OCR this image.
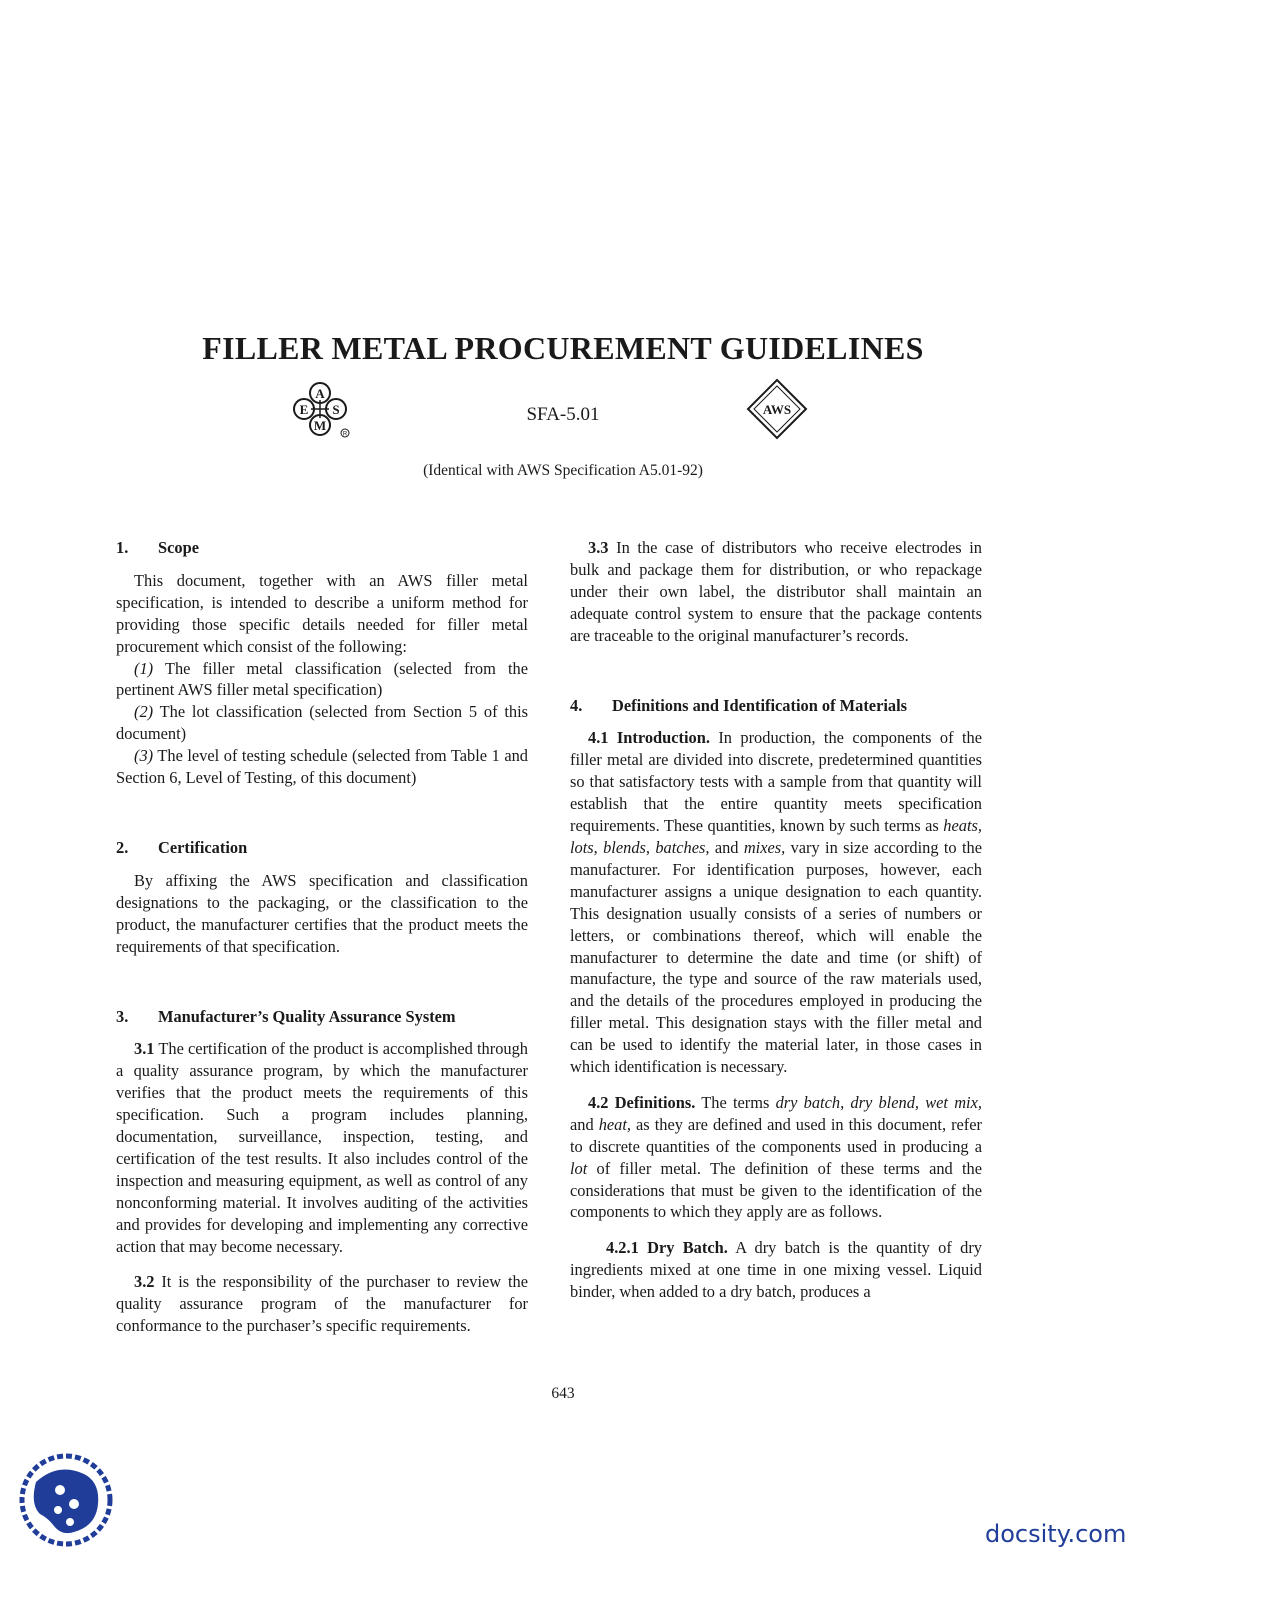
FILLER METAL PROCUREMENT GUIDELINES
A
E S
M
R
SFA-5.01	AWS
(Identical with AWS Specification A5.01-92)

1. Scope

This document, together with an AWS filler metal specification, is intended to describe a uniform method for providing those specific details needed for filler metal procurement which consist of the following:

(1) The filler metal classification (selected from the pertinent AWS filler metal specification)

(2) The lot classification (selected from Section 5 of this document)

(3) The level of testing schedule (selected from Table 1 and Section 6, Level of Testing, of this document)

2. Certification

By affixing the AWS specification and classification designations to the packaging, or the classification to the product, the manufacturer certifies that the product meets the requirements of that specification.

3. Manufacturer’s Quality Assurance System

3.1 The certification of the product is accomplished through a quality assurance program, by which the manufacturer verifies that the product meets the requirements of this specification. Such a program includes planning, documentation, surveillance, inspection, testing, and certification of the test results. It also includes control of the inspection and measuring equipment, as well as control of any nonconforming material. It involves auditing of the activities and provides for developing and implementing any corrective action that may become necessary.

3.2 It is the responsibility of the purchaser to review the quality assurance program of the manufacturer for conformance to the purchaser’s specific requirements.

3.3 In the case of distributors who receive electrodes in bulk and package them for distribution, or who repackage under their own label, the distributor shall maintain an adequate control system to ensure that the package contents are traceable to the original manufacturer’s records.

4. Definitions and Identification of Materials

4.1 Introduction. In production, the components of the filler metal are divided into discrete, predetermined quantities so that satisfactory tests with a sample from that quantity will establish that the entire quantity meets specification requirements. These quantities, known by such terms as heats, lots, blends, batches, and mixes, vary in size according to the manufacturer. For identification purposes, however, each manufacturer assigns a unique designation to each quantity. This designation usually consists of a series of numbers or letters, or combinations thereof, which will enable the manufacturer to determine the date and time (or shift) of manufacture, the type and source of the raw materials used, and the details of the procedures employed in producing the filler metal. This designation stays with the filler metal and can be used to identify the material later, in those cases in which identification is necessary.

4.2 Definitions. The terms dry batch, dry blend, wet mix, and heat, as they are defined and used in this document, refer to discrete quantities of the components used in producing a lot of filler metal. The definition of these terms and the considerations that must be given to the identification of the components to which they apply are as follows.

4.2.1 Dry Batch. A dry batch is the quantity of dry ingredients mixed at one time in one mixing vessel. Liquid binder, when added to a dry batch, produces a

643
docsity.com
